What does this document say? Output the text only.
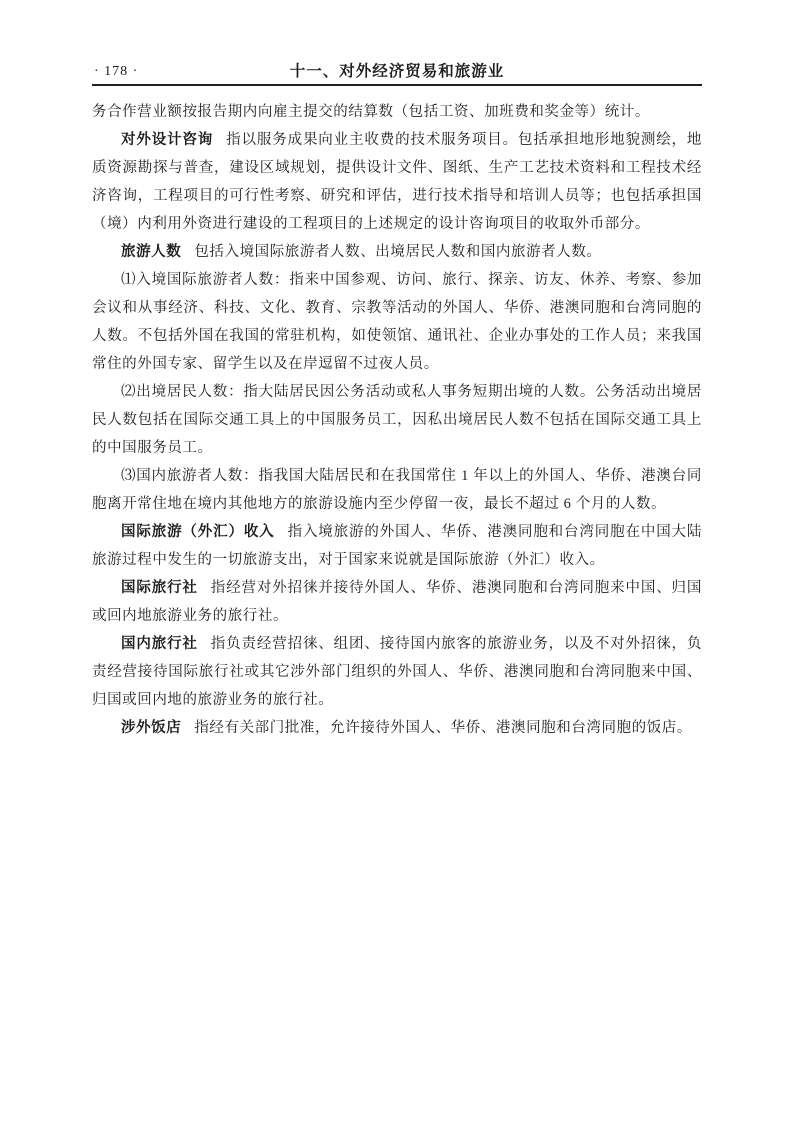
· 178 ·	十一、对外经济贸易和旅游业

务合作营业额按报告期内向雇主提交的结算数（包括工资、加班费和奖金等）统计。

对外设计咨询 指以服务成果向业主收费的技术服务项目。包括承担地形地貌测绘，地质资源勘探与普查，建设区域规划，提供设计文件、图纸、生产工艺技术资料和工程技术经济咨询，工程项目的可行性考察、研究和评估，进行技术指导和培训人员等；也包括承担国（境）内利用外资进行建设的工程项目的上述规定的设计咨询项目的收取外币部分。

旅游人数 包括入境国际旅游者人数、出境居民人数和国内旅游者人数。

⑴入境国际旅游者人数：指来中国参观、访问、旅行、探亲、访友、休养、考察、参加会议和从事经济、科技、文化、教育、宗教等活动的外国人、华侨、港澳同胞和台湾同胞的人数。不包括外国在我国的常驻机构，如使领馆、通讯社、企业办事处的工作人员；来我国常住的外国专家、留学生以及在岸逗留不过夜人员。

⑵出境居民人数：指大陆居民因公务活动或私人事务短期出境的人数。公务活动出境居民人数包括在国际交通工具上的中国服务员工，因私出境居民人数不包括在国际交通工具上的中国服务员工。

⑶国内旅游者人数：指我国大陆居民和在我国常住 1 年以上的外国人、华侨、港澳台同胞离开常住地在境内其他地方的旅游设施内至少停留一夜，最长不超过 6 个月的人数。

国际旅游（外汇）收入 指入境旅游的外国人、华侨、港澳同胞和台湾同胞在中国大陆旅游过程中发生的一切旅游支出，对于国家来说就是国际旅游（外汇）收入。

国际旅行社 指经营对外招徕并接待外国人、华侨、港澳同胞和台湾同胞来中国、归国或回内地旅游业务的旅行社。

国内旅行社 指负责经营招徕、组团、接待国内旅客的旅游业务，以及不对外招徕，负责经营接待国际旅行社或其它涉外部门组织的外国人、华侨、港澳同胞和台湾同胞来中国、归国或回内地的旅游业务的旅行社。

涉外饭店 指经有关部门批准，允许接待外国人、华侨、港澳同胞和台湾同胞的饭店。
